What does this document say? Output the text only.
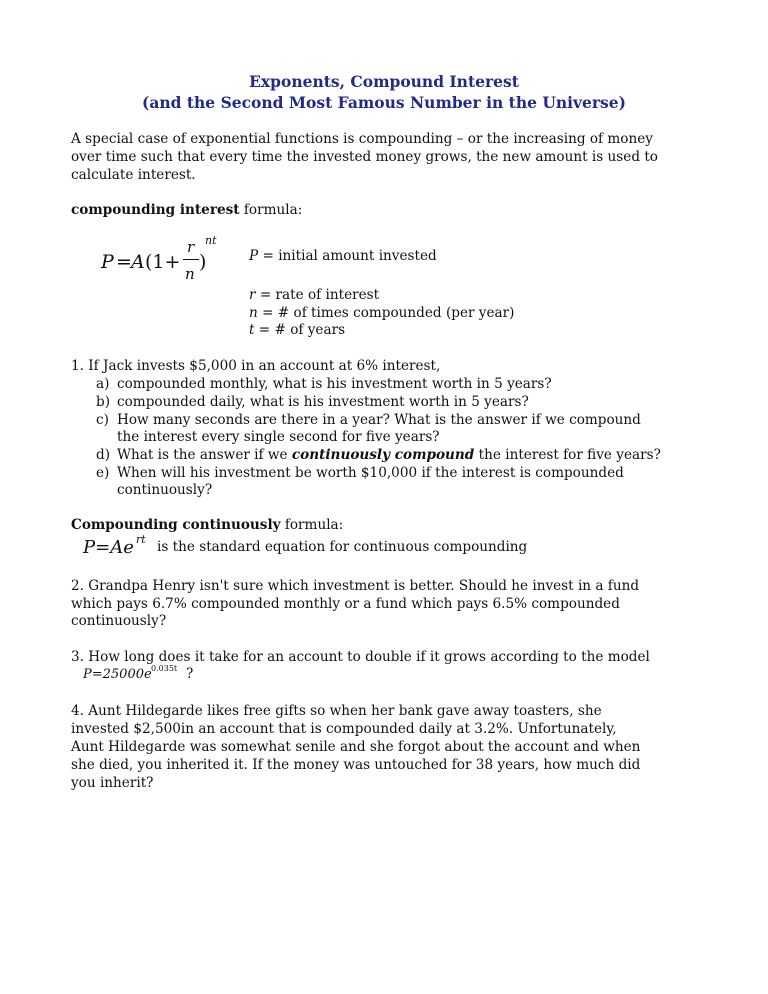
Exponents, Compound Interest
(and the Second Most Famous Number in the Universe)
A special case of exponential functions is compounding – or the increasing of money
over time such that every time the invested money grows, the new amount is used to
calculate interest.
compounding interest formula:
P = A (1+
r
n
)
nt
P = initial amount invested
r = rate of interest
n = # of times compounded (per year)
t = # of years
1. If Jack invests $5,000 in an account at 6% interest,
a) compounded monthly, what is his investment worth in 5 years?
b) compounded daily, what is his investment worth in 5 years?
c) How many seconds are there in a year? What is the answer if we compound
the interest every single second for five years?
d) What is the answer if we continuously compound the interest for five years?
e) When will his investment be worth $10,000 if the interest is compounded
continuously?
Compounding continuously formula:
P=Ae rt is the standard equation for continuous compounding
2. Grandpa Henry isn't sure which investment is better. Should he invest in a fund
which pays 6.7% compounded monthly or a fund which pays 6.5% compounded
continuously?
3. How long does it take for an account to double if it grows according to the model
P=25000e 0.035t ?
4. Aunt Hildegarde likes free gifts so when her bank gave away toasters, she
invested $2,500in an account that is compounded daily at 3.2%. Unfortunately,
Aunt Hildegarde was somewhat senile and she forgot about the account and when
she died, you inherited it. If the money was untouched for 38 years, how much did
you inherit?
